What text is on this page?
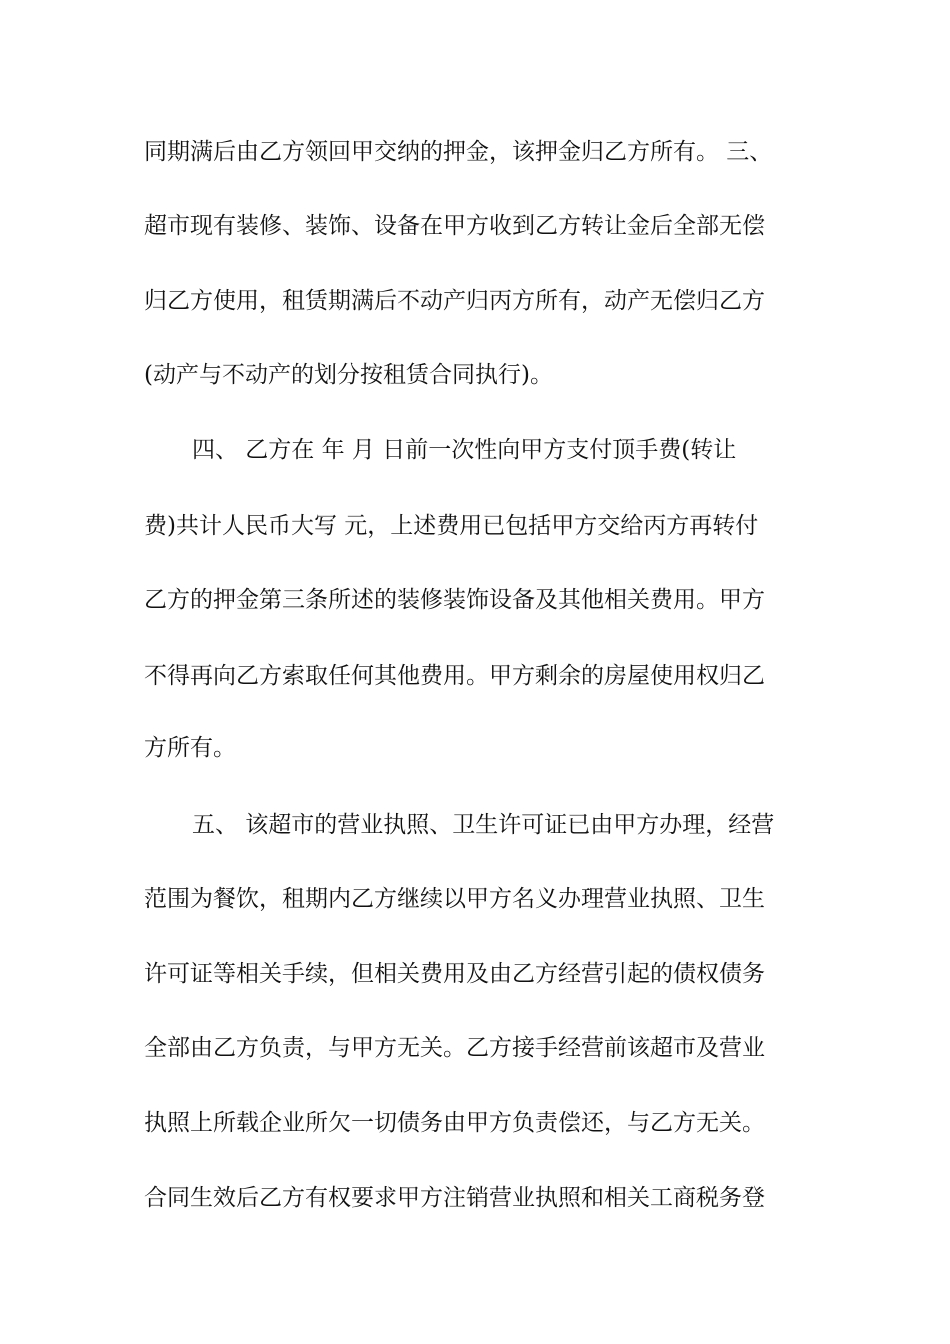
同期满后由乙方领回甲交纳的押金，该押金归乙方所有。 三、
超市现有装修、装饰、设备在甲方收到乙方转让金后全部无偿
归乙方使用，租赁期满后不动产归丙方所有，动产无偿归乙方
(动产与不动产的划分按租赁合同执行)。
四、 乙方在 年 月 日前一次性向甲方支付顶手费(转让
费)共计人民币大写 元，上述费用已包括甲方交给丙方再转付
乙方的押金第三条所述的装修装饰设备及其他相关费用。甲方
不得再向乙方索取任何其他费用。甲方剩余的房屋使用权归乙
方所有。
五、 该超市的营业执照、卫生许可证已由甲方办理，经营
范围为餐饮，租期内乙方继续以甲方名义办理营业执照、卫生
许可证等相关手续，但相关费用及由乙方经营引起的债权债务
全部由乙方负责，与甲方无关。乙方接手经营前该超市及营业
执照上所载企业所欠一切债务由甲方负责偿还，与乙方无关。
合同生效后乙方有权要求甲方注销营业执照和相关工商税务登
